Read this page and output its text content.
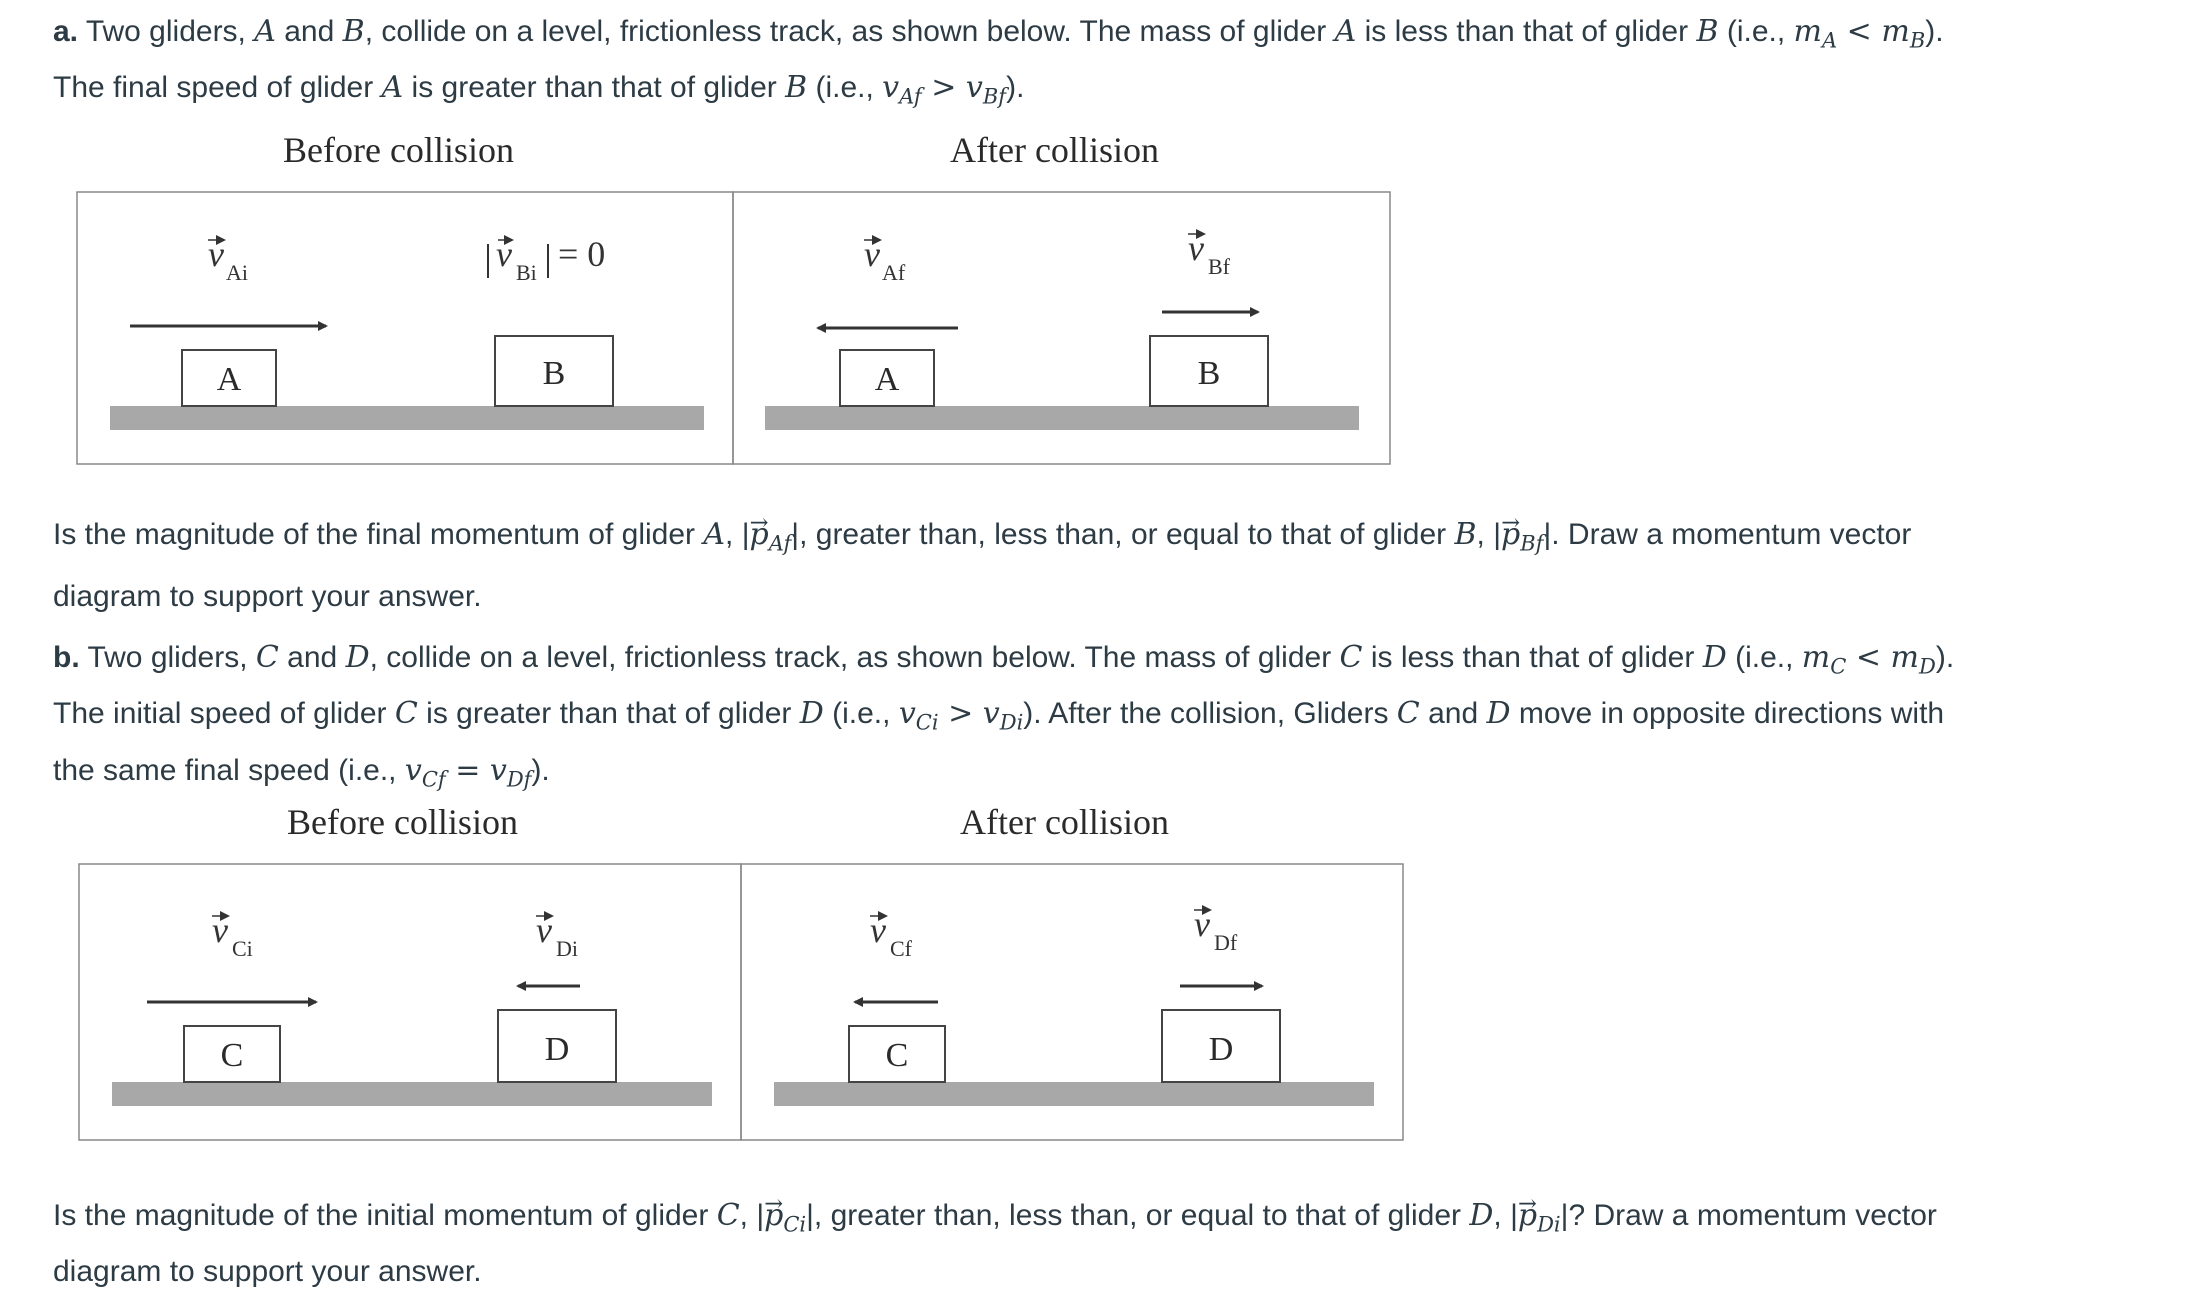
a. Two gliders, A and B, collide on a level, frictionless track, as shown below. The mass of glider A is less than that of glider B (i.e., $m_A < m_B$).
The final speed of glider A is greater than that of glider B (i.e., $v_{Af} > v_{Bf}$).

Before collision	After collision
v Ai
A
v Bi = 0
B
v Af
A
v Bf
B

Is the magnitude of the final momentum of glider A, |→ $p_{Af}|$, greater than, less than, or equal to that of glider B, |→ $p_{Bf}|$. Draw a momentum vector
diagram to support your answer.

b. Two gliders, C and D, collide on a level, frictionless track, as shown below. The mass of glider C is less than that of glider D (i.e., $m_C < m_D$).
The initial speed of glider C is greater than that of glider D (i.e., $v_{Ci} > v_{Di}$). After the collision, Gliders C and D move in opposite directions with
the same final speed (i.e., $v_{Cf} = v_{Df}$).

Before collision	After collision
v Ci
C
v Di
D
v Cf
C
v Df
D

Is the magnitude of the initial momentum of glider C, |→ $p_{Ci}|$, greater than, less than, or equal to that of glider D, |→ $p_{Di}|$? Draw a momentum vector
diagram to support your answer.
